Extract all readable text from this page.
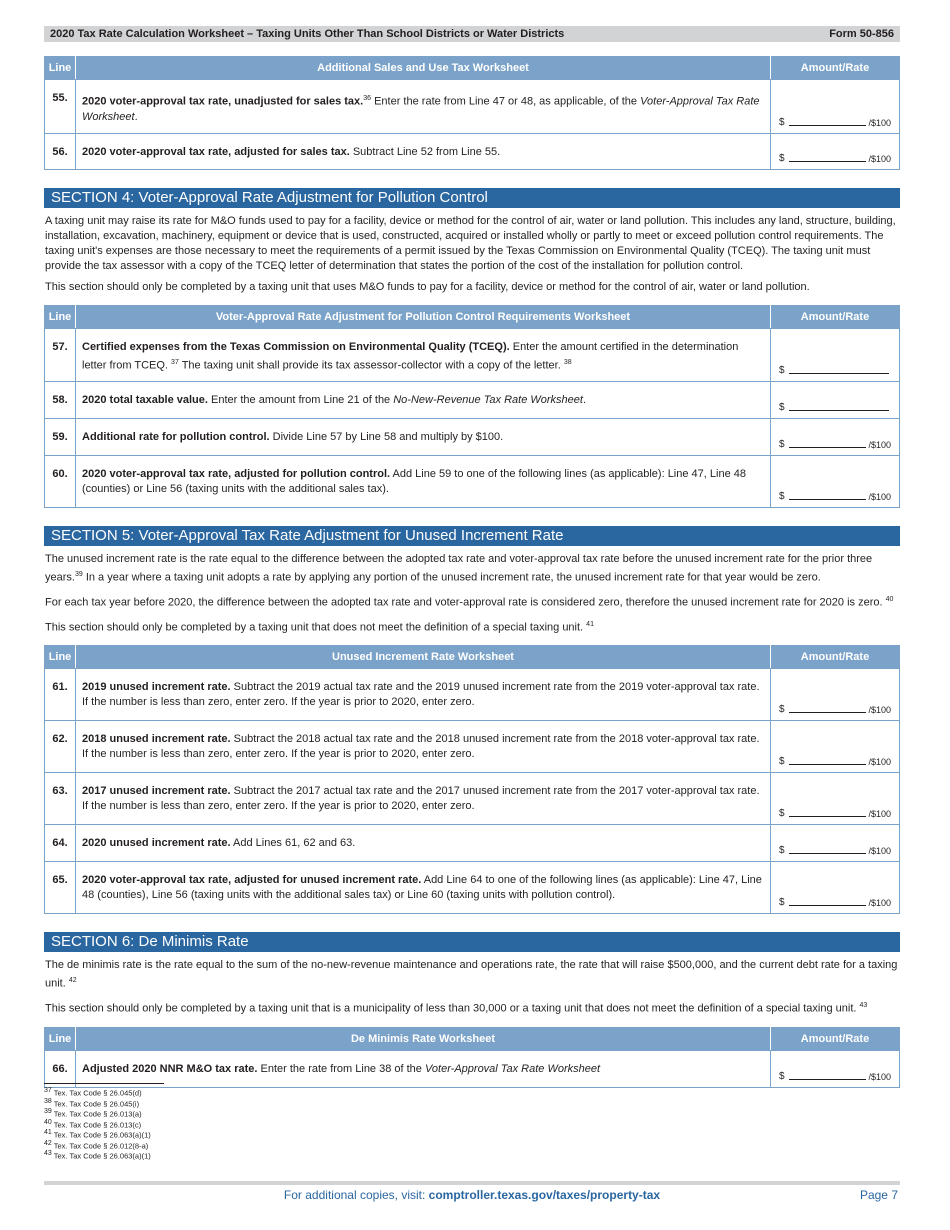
2020 Tax Rate Calculation Worksheet – Taxing Units Other Than School Districts or Water Districts	Form 50-856
Line	Additional Sales and Use Tax Worksheet	Amount/Rate
55.	2020 voter-approval tax rate, unadjusted for sales tax.$^{36}$ Enter the rate from Line 47 or 48, as applicable, of the Voter-Approval Tax Rate Worksheet.	$ /$100

56.	2020 voter-approval tax rate, adjusted for sales tax. Subtract Line 52 from Line 55.	$ /$100
SECTION 4: Voter-Approval Rate Adjustment for Pollution Control

A taxing unit may raise its rate for M&O funds used to pay for a facility, device or method for the control of air, water or land pollution. This includes any land, structure, building, installation, excavation, machinery, equipment or device that is used, constructed, acquired or installed wholly or partly to meet or exceed pollution control requirements. The taxing unit's expenses are those necessary to meet the requirements of a permit issued by the Texas Commission on Environmental Quality (TCEQ). The taxing unit must provide the tax assessor with a copy of the TCEQ letter of determination that states the portion of the cost of the installation for pollution control.

This section should only be completed by a taxing unit that uses M&O funds to pay for a facility, device or method for the control of air, water or land pollution.

Line	Voter-Approval Rate Adjustment for Pollution Control Requirements Worksheet	Amount/Rate
57.	Certified expenses from the Texas Commission on Environmental Quality (TCEQ). Enter the amount certified in the determination letter from TCEQ. $^{37}$ The taxing unit shall provide its tax assessor-collector with a copy of the letter. $^{38}$	$

58.	2020 total taxable value. Enter the amount from Line 21 of the No-New-Revenue Tax Rate Worksheet.	$

59.	Additional rate for pollution control. Divide Line 57 by Line 58 and multiply by $100.	$ /$100

60.	2020 voter-approval tax rate, adjusted for pollution control. Add Line 59 to one of the following lines (as applicable): Line 47, Line 48 (counties) or Line 56 (taxing units with the additional sales tax).	$ /$100
SECTION 5: Voter-Approval Tax Rate Adjustment for Unused Increment Rate

The unused increment rate is the rate equal to the difference between the adopted tax rate and voter-approval tax rate before the unused increment rate for the prior three years.$^{39}$ In a year where a taxing unit adopts a rate by applying any portion of the unused increment rate, the unused increment rate for that year would be zero.

For each tax year before 2020, the difference between the adopted tax rate and voter-approval rate is considered zero, therefore the unused increment rate for 2020 is zero. $^{40}$

This section should only be completed by a taxing unit that does not meet the definition of a special taxing unit. $^{41}$

Line	Unused Increment Rate Worksheet	Amount/Rate
61.	2019 unused increment rate. Subtract the 2019 actual tax rate and the 2019 unused increment rate from the 2019 voter-approval tax rate. If the number is less than zero, enter zero. If the year is prior to 2020, enter zero.	$ /$100

62.	2018 unused increment rate. Subtract the 2018 actual tax rate and the 2018 unused increment rate from the 2018 voter-approval tax rate. If the number is less than zero, enter zero. If the year is prior to 2020, enter zero.	$ /$100

63.	2017 unused increment rate. Subtract the 2017 actual tax rate and the 2017 unused increment rate from the 2017 voter-approval tax rate. If the number is less than zero, enter zero. If the year is prior to 2020, enter zero.	$ /$100

64.	2020 unused increment rate. Add Lines 61, 62 and 63.	$ /$100

65.	2020 voter-approval tax rate, adjusted for unused increment rate. Add Line 64 to one of the following lines (as applicable): Line 47, Line 48 (counties), Line 56 (taxing units with the additional sales tax) or Line 60 (taxing units with pollution control).	$ /$100
SECTION 6: De Minimis Rate

The de minimis rate is the rate equal to the sum of the no-new-revenue maintenance and operations rate, the rate that will raise $500,000, and the current debt rate for a taxing unit. $^{42}$

This section should only be completed by a taxing unit that is a municipality of less than 30,000 or a taxing unit that does not meet the definition of a special taxing unit. $^{43}$

Line	De Minimis Rate Worksheet	Amount/Rate
66.	Adjusted 2020 NNR M&O tax rate. Enter the rate from Line 38 of the Voter-Approval Tax Rate Worksheet	$ /$100
$^{37}$ Tex. Tax Code § 26.045(d)
$^{38}$ Tex. Tax Code § 26.045(i)
$^{39}$ Tex. Tax Code § 26.013(a)
$^{40}$ Tex. Tax Code § 26.013(c)
$^{41}$ Tex. Tax Code § 26.063(a)(1)
$^{42}$ Tex. Tax Code § 26.012(8-a)
$^{43}$ Tex. Tax Code § 26.063(a)(1)
For additional copies, visit: comptroller.texas.gov/taxes/property-tax	Page 7
